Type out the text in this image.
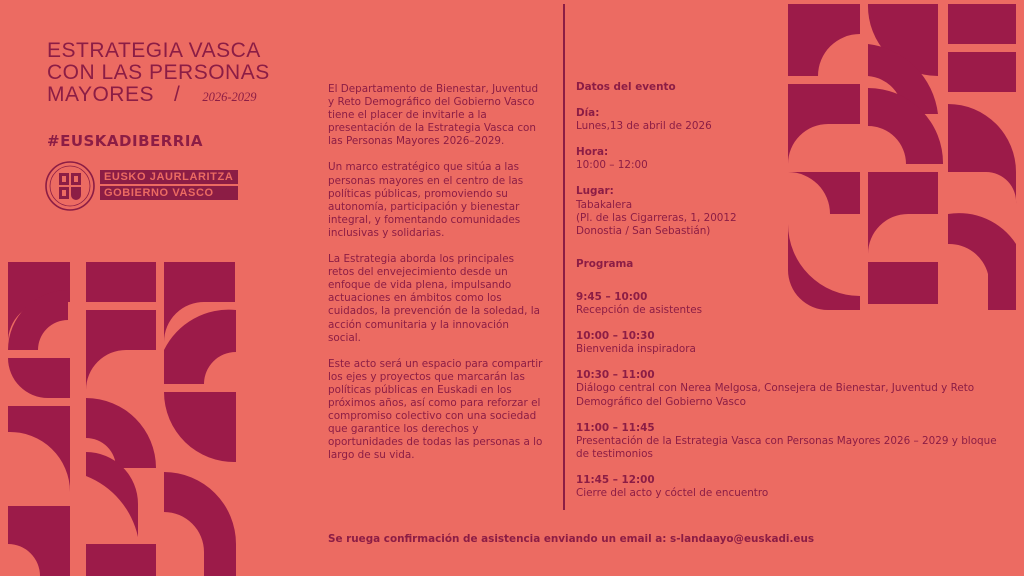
ESTRATEGIA VASCA
CON LAS PERSONAS
MAYORES / 2026-2029
#EUSKADIBERRIA
EUSKO JAURLARITZA
GOBIERNO VASCO

El Departamento de Bienestar, Juventud y Reto Demográfico del Gobierno Vasco tiene el placer de invitarle a la presentación de la Estrategia Vasca con las Personas Mayores 2026–2029.

Un marco estratégico que sitúa a las personas mayores en el centro de las políticas públicas, promoviendo su autonomía, participación y bienestar integral, y fomentando comunidades inclusivas y solidarias.

La Estrategia aborda los principales retos del envejecimiento desde un enfoque de vida plena, impulsando actuaciones en ámbitos como los cuidados, la prevención de la soledad, la acción comunitaria y la innovación social.

Este acto será un espacio para compartir los ejes y proyectos que marcarán las políticas públicas en Euskadi en los próximos años, así como para reforzar el compromiso colectivo con una sociedad que garantice los derechos y oportunidades de todas las personas a lo largo de su vida.

Datos del evento
Día:
Lunes,13 de abril de 2026
Hora:
10:00 – 12:00
Lugar:
Tabakalera
(Pl. de las Cigarreras, 1, 20012
Donostia / San Sebastián)
Programa
9:45 – 10:00
Recepción de asistentes
10:00 – 10:30
Bienvenida inspiradora
10:30 – 11:00
Diálogo central con Nerea Melgosa, Consejera de Bienestar, Juventud y Reto Demográfico del Gobierno Vasco
11:00 – 11:45
Presentación de la Estrategia Vasca con Personas Mayores 2026 – 2029 y bloque de testimonios
11:45 – 12:00
Cierre del acto y cóctel de encuentro
Se ruega confirmación de asistencia enviando un email a: s-landaayo@euskadi.eus
